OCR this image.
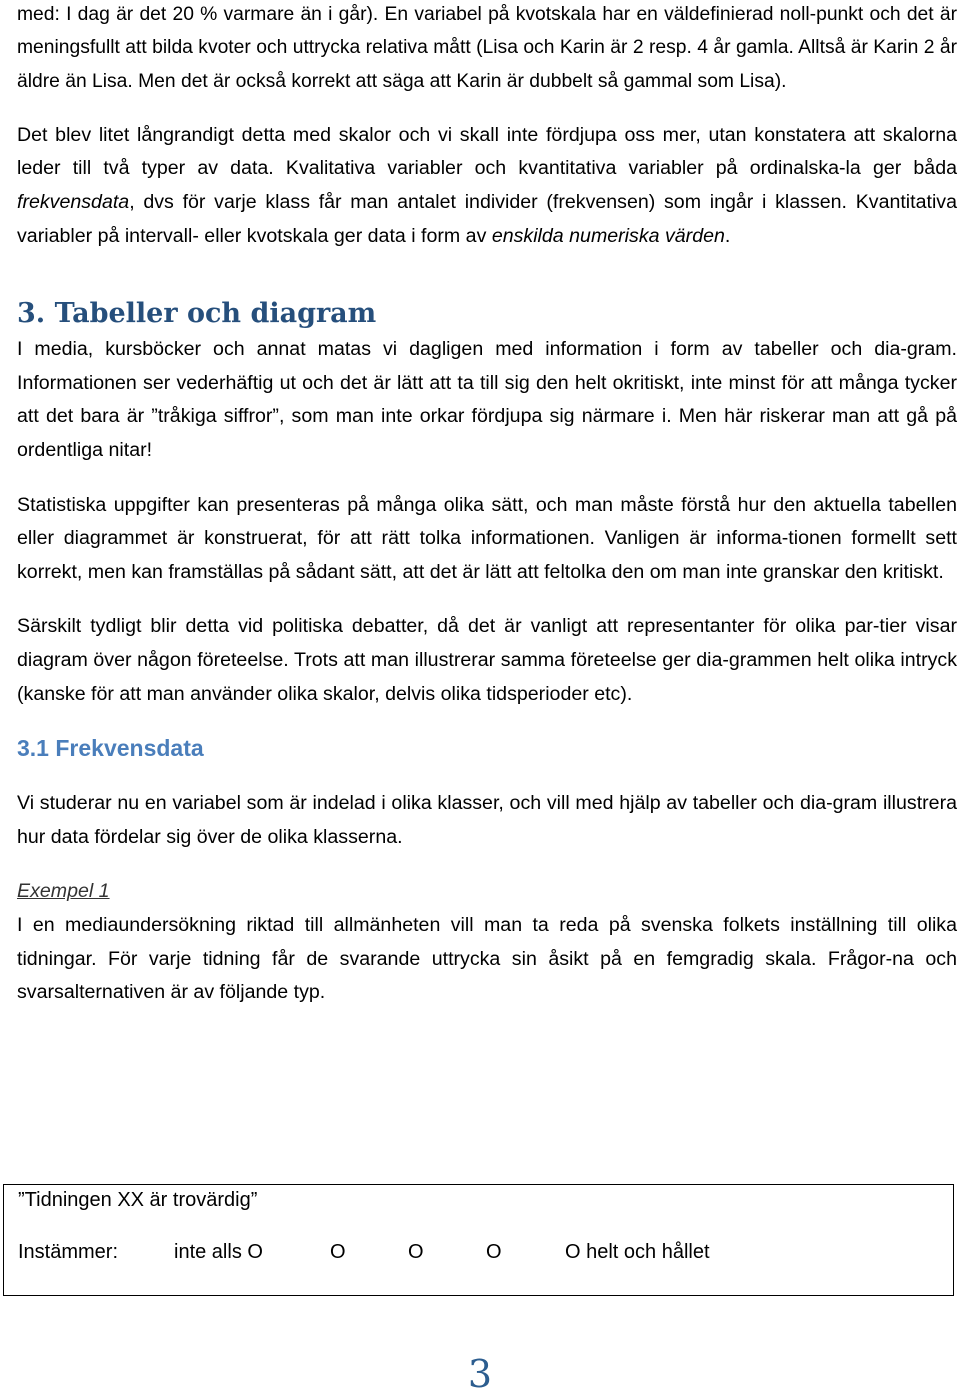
med: I dag är det 20 % varmare än i går). En variabel på kvotskala har en väldefinierad noll-punkt och det är meningsfullt att bilda kvoter och uttrycka relativa mått (Lisa och Karin är 2 resp. 4 år gamla. Alltså är Karin 2 år äldre än Lisa. Men det är också korrekt att säga att Karin är dubbelt så gammal som Lisa).

Det blev litet långrandigt detta med skalor och vi skall inte fördjupa oss mer, utan konstatera att skalorna leder till två typer av data. Kvalitativa variabler och kvantitativa variabler på ordinalska-la ger båda frekvensdata, dvs för varje klass får man antalet individer (frekvensen) som ingår i klassen. Kvantitativa variabler på intervall- eller kvotskala ger data i form av enskilda numeriska värden.

3. Tabeller och diagram

I media, kursböcker och annat matas vi dagligen med information i form av tabeller och dia-gram. Informationen ser vederhäftig ut och det är lätt att ta till sig den helt okritiskt, inte minst för att många tycker att det bara är ”tråkiga siffror”, som man inte orkar fördjupa sig närmare i. Men här riskerar man att gå på ordentliga nitar!

Statistiska uppgifter kan presenteras på många olika sätt, och man måste förstå hur den aktuella tabellen eller diagrammet är konstruerat, för att rätt tolka informationen. Vanligen är informa-tionen formellt sett korrekt, men kan framställas på sådant sätt, att det är lätt att feltolka den om man inte granskar den kritiskt.

Särskilt tydligt blir detta vid politiska debatter, då det är vanligt att representanter för olika par-tier visar diagram över någon företeelse. Trots att man illustrerar samma företeelse ger dia-grammen helt olika intryck (kanske för att man använder olika skalor, delvis olika tidsperioder etc).

3.1 Frekvensdata

Vi studerar nu en variabel som är indelad i olika klasser, och vill med hjälp av tabeller och dia-gram illustrera hur data fördelar sig över de olika klasserna.

Exempel 1

I en mediaundersökning riktad till allmänheten vill man ta reda på svenska folkets inställning till olika tidningar. För varje tidning får de svarande uttrycka sin åsikt på en femgradig skala. Frågor-na och svarsalternativen är av följande typ.

”Tidningen XX är trovärdig”
Instämmer:	inte alls O	O	O	O	O helt och hållet
3
